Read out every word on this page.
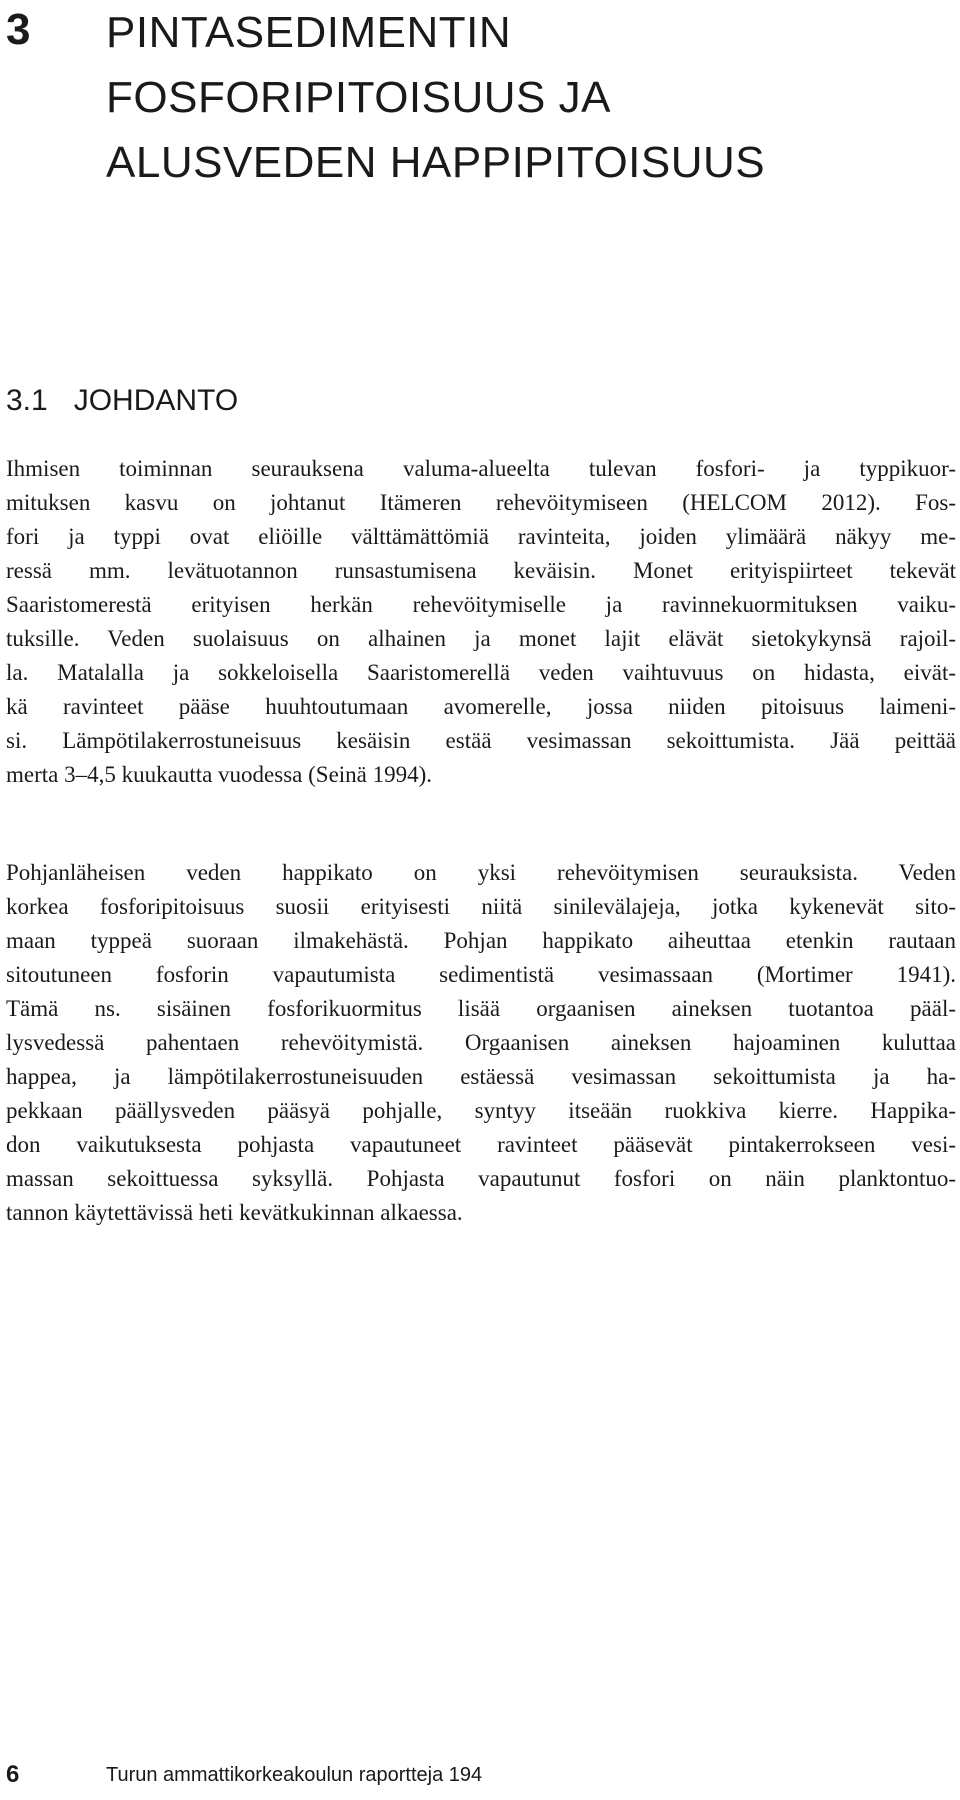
3 PINTASEDIMENTIN
FOSFORIPITOISUUS JA
ALUSVEDEN HAPPIPITOISUUS
3.1 JOHDANTO
Ihmisen toiminnan seurauksena valuma-alueelta tulevan fosfori- ja typpikuor-
mituksen kasvu on johtanut Itämeren rehevöitymiseen (HELCOM 2012). Fos-
fori ja typpi ovat eliöille välttämättömiä ravinteita, joiden ylimäärä näkyy me-
ressä mm. levätuotannon runsastumisena keväisin. Monet erityispiirteet tekevät
Saaristomerestä erityisen herkän rehevöitymiselle ja ravinnekuormituksen vaiku-
tuksille. Veden suolaisuus on alhainen ja monet lajit elävät sietokykynsä rajoil-
la. Matalalla ja sokkeloisella Saaristomerellä veden vaihtuvuus on hidasta, eivät-
kä ravinteet pääse huuhtoutumaan avomerelle, jossa niiden pitoisuus laimeni-
si. Lämpötilakerrostuneisuus kesäisin estää vesimassan sekoittumista. Jää peittää
merta 3–4,5 kuukautta vuodessa (Seinä 1994).
Pohjanläheisen veden happikato on yksi rehevöitymisen seurauksista. Veden
korkea fosforipitoisuus suosii erityisesti niitä sinilevälajeja, jotka kykenevät sito-
maan typpeä suoraan ilmakehästä. Pohjan happikato aiheuttaa etenkin rautaan
sitoutuneen fosforin vapautumista sedimentistä vesimassaan (Mortimer 1941).
Tämä ns. sisäinen fosforikuormitus lisää orgaanisen aineksen tuotantoa pääl-
lysvedessä pahentaen rehevöitymistä. Orgaanisen aineksen hajoaminen kuluttaa
happea, ja lämpötilakerrostuneisuuden estäessä vesimassan sekoittumista ja ha-
pekkaan päällysveden pääsyä pohjalle, syntyy itseään ruokkiva kierre. Happika-
don vaikutuksesta pohjasta vapautuneet ravinteet pääsevät pintakerrokseen vesi-
massan sekoittuessa syksyllä. Pohjasta vapautunut fosfori on näin planktontuo-
tannon käytettävissä heti kevätkukinnan alkaessa.
6	Turun ammattikorkeakoulun raportteja 194
